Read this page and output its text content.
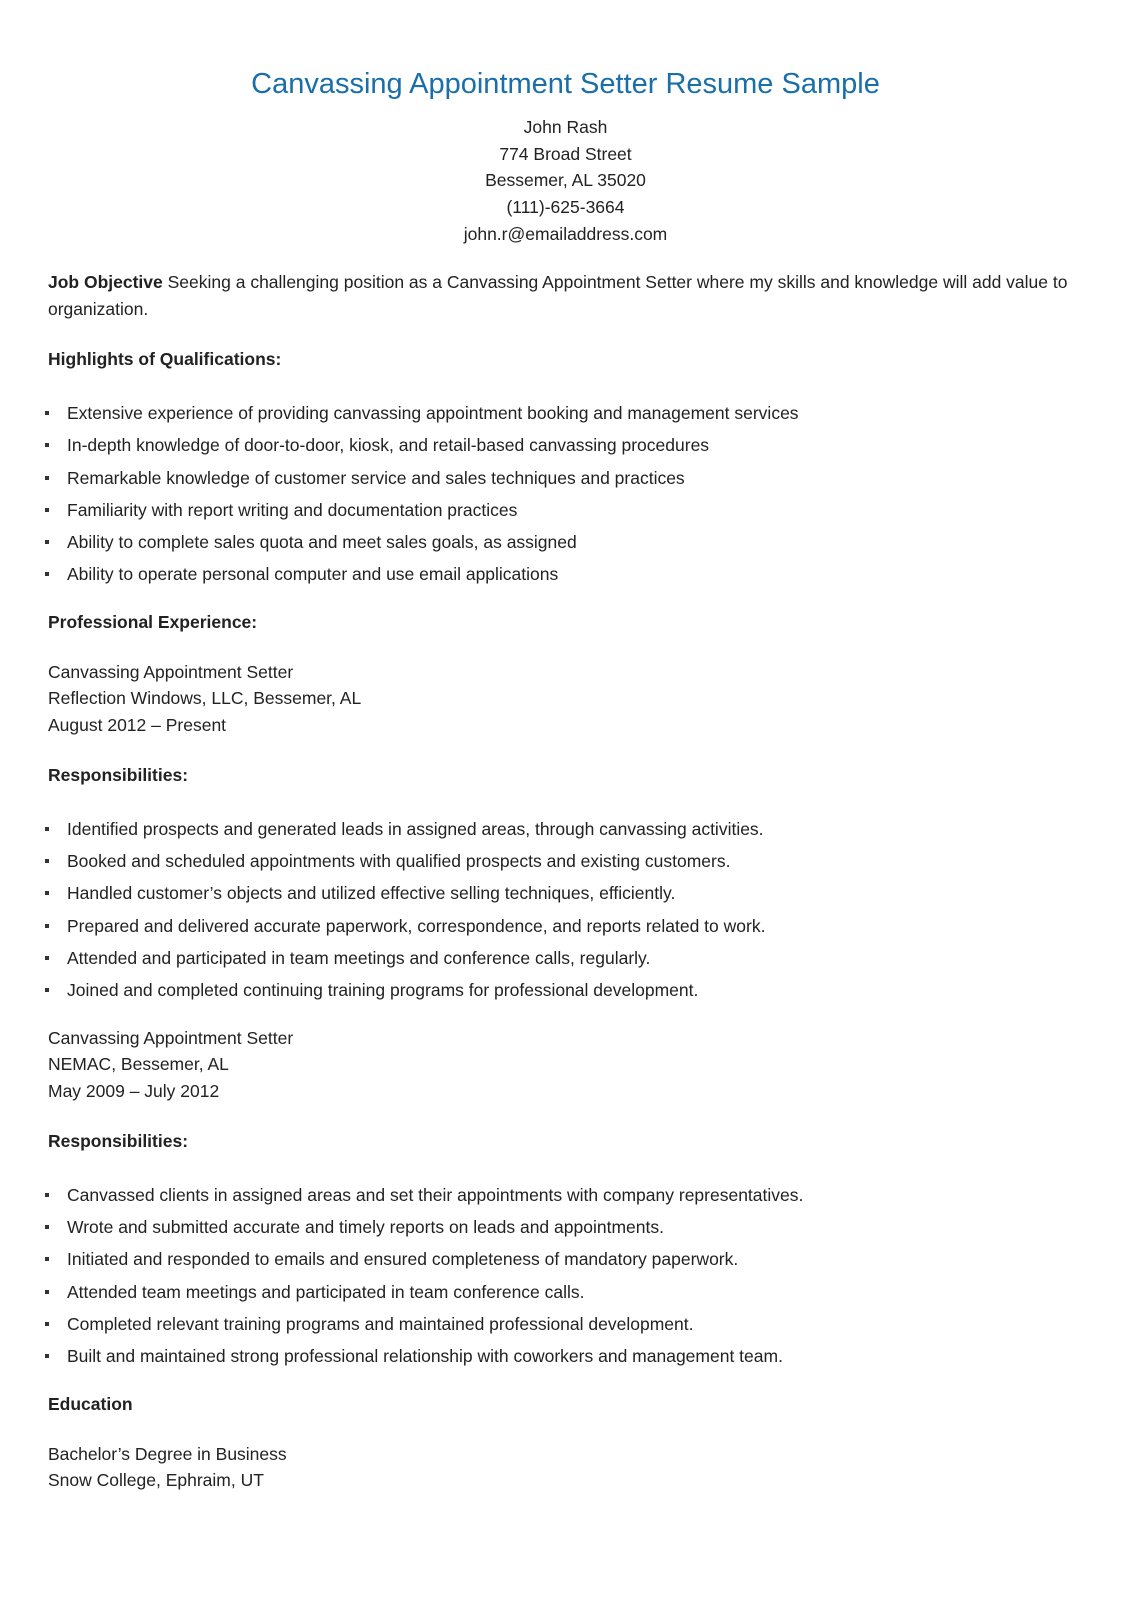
Canvassing Appointment Setter Resume Sample
John Rash
774 Broad Street
Bessemer, AL 35020
(111)-625-3664
john.r@emailaddress.com

Job Objective Seeking a challenging position as a Canvassing Appointment Setter where my skills and knowledge will add value to organization.

Highlights of Qualifications:
Extensive experience of providing canvassing appointment booking and management services
In-depth knowledge of door-to-door, kiosk, and retail-based canvassing procedures
Remarkable knowledge of customer service and sales techniques and practices
Familiarity with report writing and documentation practices
Ability to complete sales quota and meet sales goals, as assigned
Ability to operate personal computer and use email applications
Professional Experience:
Canvassing Appointment Setter
Reflection Windows, LLC, Bessemer, AL
August 2012 – Present
Responsibilities:
Identified prospects and generated leads in assigned areas, through canvassing activities.
Booked and scheduled appointments with qualified prospects and existing customers.
Handled customer’s objects and utilized effective selling techniques, efficiently.
Prepared and delivered accurate paperwork, correspondence, and reports related to work.
Attended and participated in team meetings and conference calls, regularly.
Joined and completed continuing training programs for professional development.
Canvassing Appointment Setter
NEMAC, Bessemer, AL
May 2009 – July 2012
Responsibilities:
Canvassed clients in assigned areas and set their appointments with company representatives.
Wrote and submitted accurate and timely reports on leads and appointments.
Initiated and responded to emails and ensured completeness of mandatory paperwork.
Attended team meetings and participated in team conference calls.
Completed relevant training programs and maintained professional development.
Built and maintained strong professional relationship with coworkers and management team.
Education
Bachelor’s Degree in Business
Snow College, Ephraim, UT
